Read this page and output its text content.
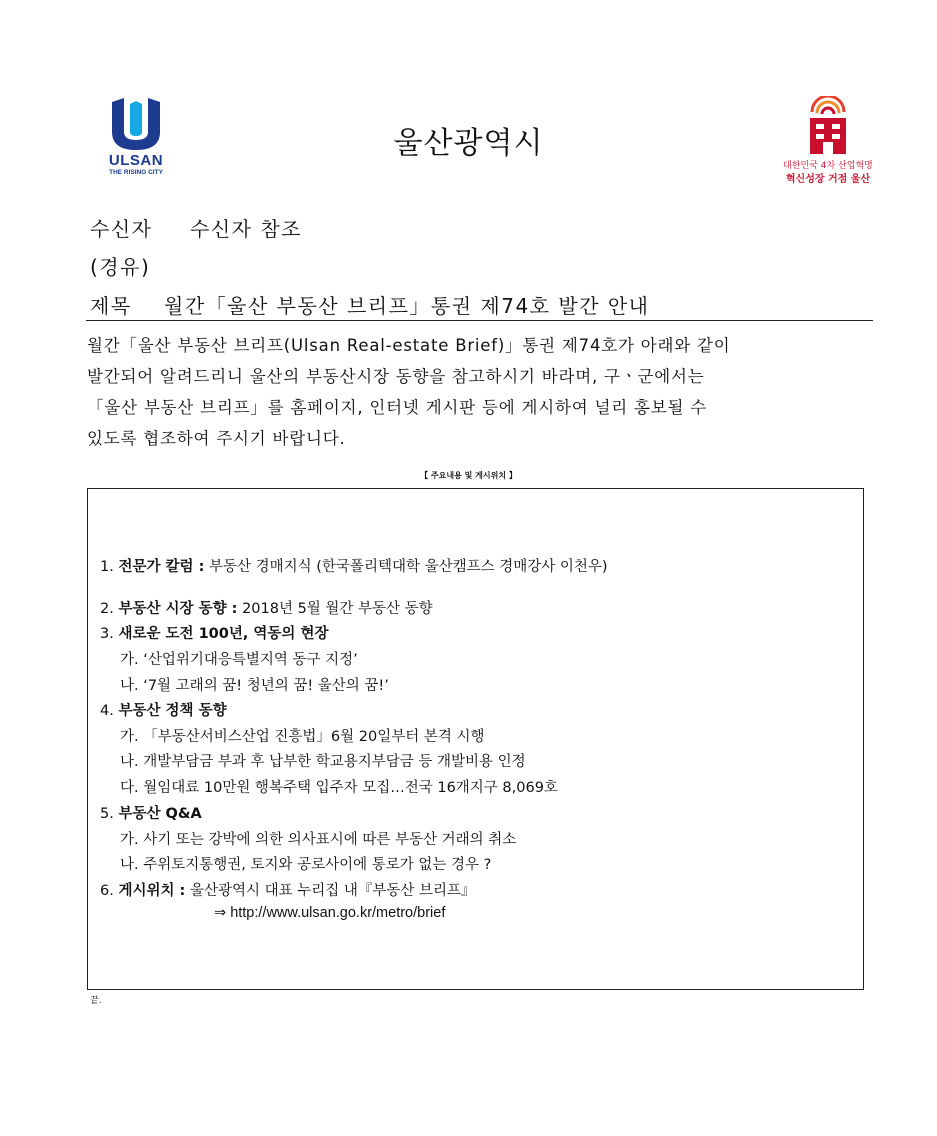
ULSAN
THE RISING CITY
울산광역시
대한민국 4차 산업혁명
혁신성장 거점 울산
수신자 수신자 참조
(경유)
제목 월간「울산 부동산 브리프」통권 제74호 발간 안내
월간「울산 부동산 브리프(Ulsan Real-estate Brief)」통권 제74호가 아래와 같이
발간되어 알려드리니 울산의 부동산시장 동향을 참고하시기 바라며, 구ㆍ군에서는
「울산 부동산 브리프」를 홈페이지, 인터넷 게시판 등에 게시하여 널리 홍보될 수
있도록 협조하여 주시기 바랍니다.
【 주요내용 및 게시위치 】
1. 전문가 칼럼 : 부동산 경매지식 (한국폴리텍대학 울산캠프스 경매강사 이천우)
2. 부동산 시장 동향 : 2018년 5월 월간 부동산 동향
3. 새로운 도전 100년, 역동의 현장
가. ‘산업위기대응특별지역 동구 지정’
나. ‘7월 고래의 꿈! 청년의 꿈! 울산의 꿈!’
4. 부동산 정책 동향
가. 「부동산서비스산업 진흥법」6월 20일부터 본격 시행
나. 개발부담금 부과 후 납부한 학교용지부담금 등 개발비용 인정
다. 월임대료 10만원 행복주택 입주자 모집…전국 16개지구 8,069호
5. 부동산 Q&A
가. 사기 또는 강박에 의한 의사표시에 따른 부동산 거래의 취소
나. 주위토지통행권, 토지와 공로사이에 통로가 없는 경우 ?
6. 게시위치 : 울산광역시 대표 누리집 내『부동산 브리프』
⇒ http://www.ulsan.go.kr/metro/brief
끝.
